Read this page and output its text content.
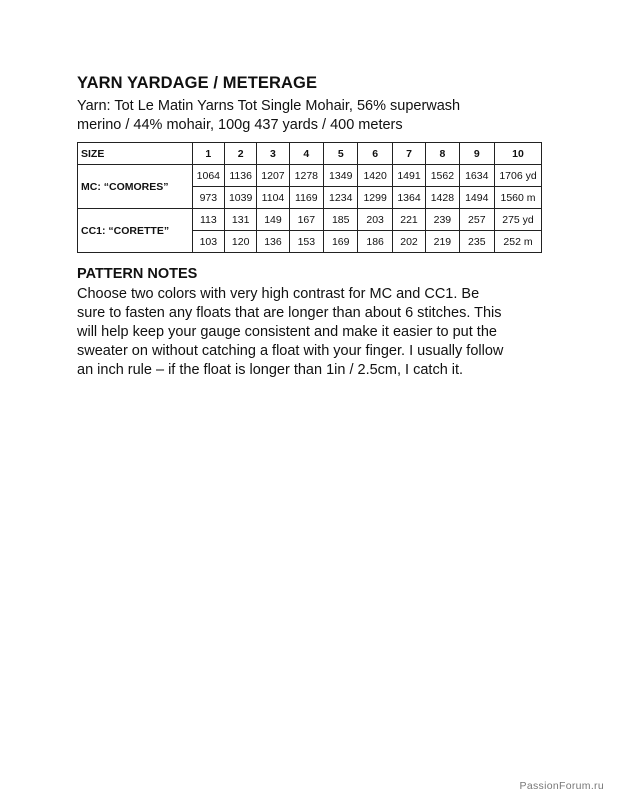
YARN YARDAGE / METERAGE
Yarn: Tot Le Matin Yarns Tot Single Mohair, 56% superwash
merino / 44% mohair, 100g 437 yards / 400 meters
SIZE	1	2	3	4	5	6	7	8	9	10
MC: “COMORES”	1064	1136	1207	1278	1349	1420	1491	1562	1634	1706 yd
	973	1039	1104	1169	1234	1299	1364	1428	1494	1560 m
CC1: “CORETTE”	113	131	149	167	185	203	221	239	257	275 yd
	103	120	136	153	169	186	202	219	235	252 m
PATTERN NOTES
Choose two colors with very high contrast for MC and CC1. Be
sure to fasten any floats that are longer than about 6 stitches. This
will help keep your gauge consistent and make it easier to put the
sweater on without catching a float with your finger. I usually follow
an inch rule – if the float is longer than 1in / 2.5cm, I catch it.
PassionForum.ru
